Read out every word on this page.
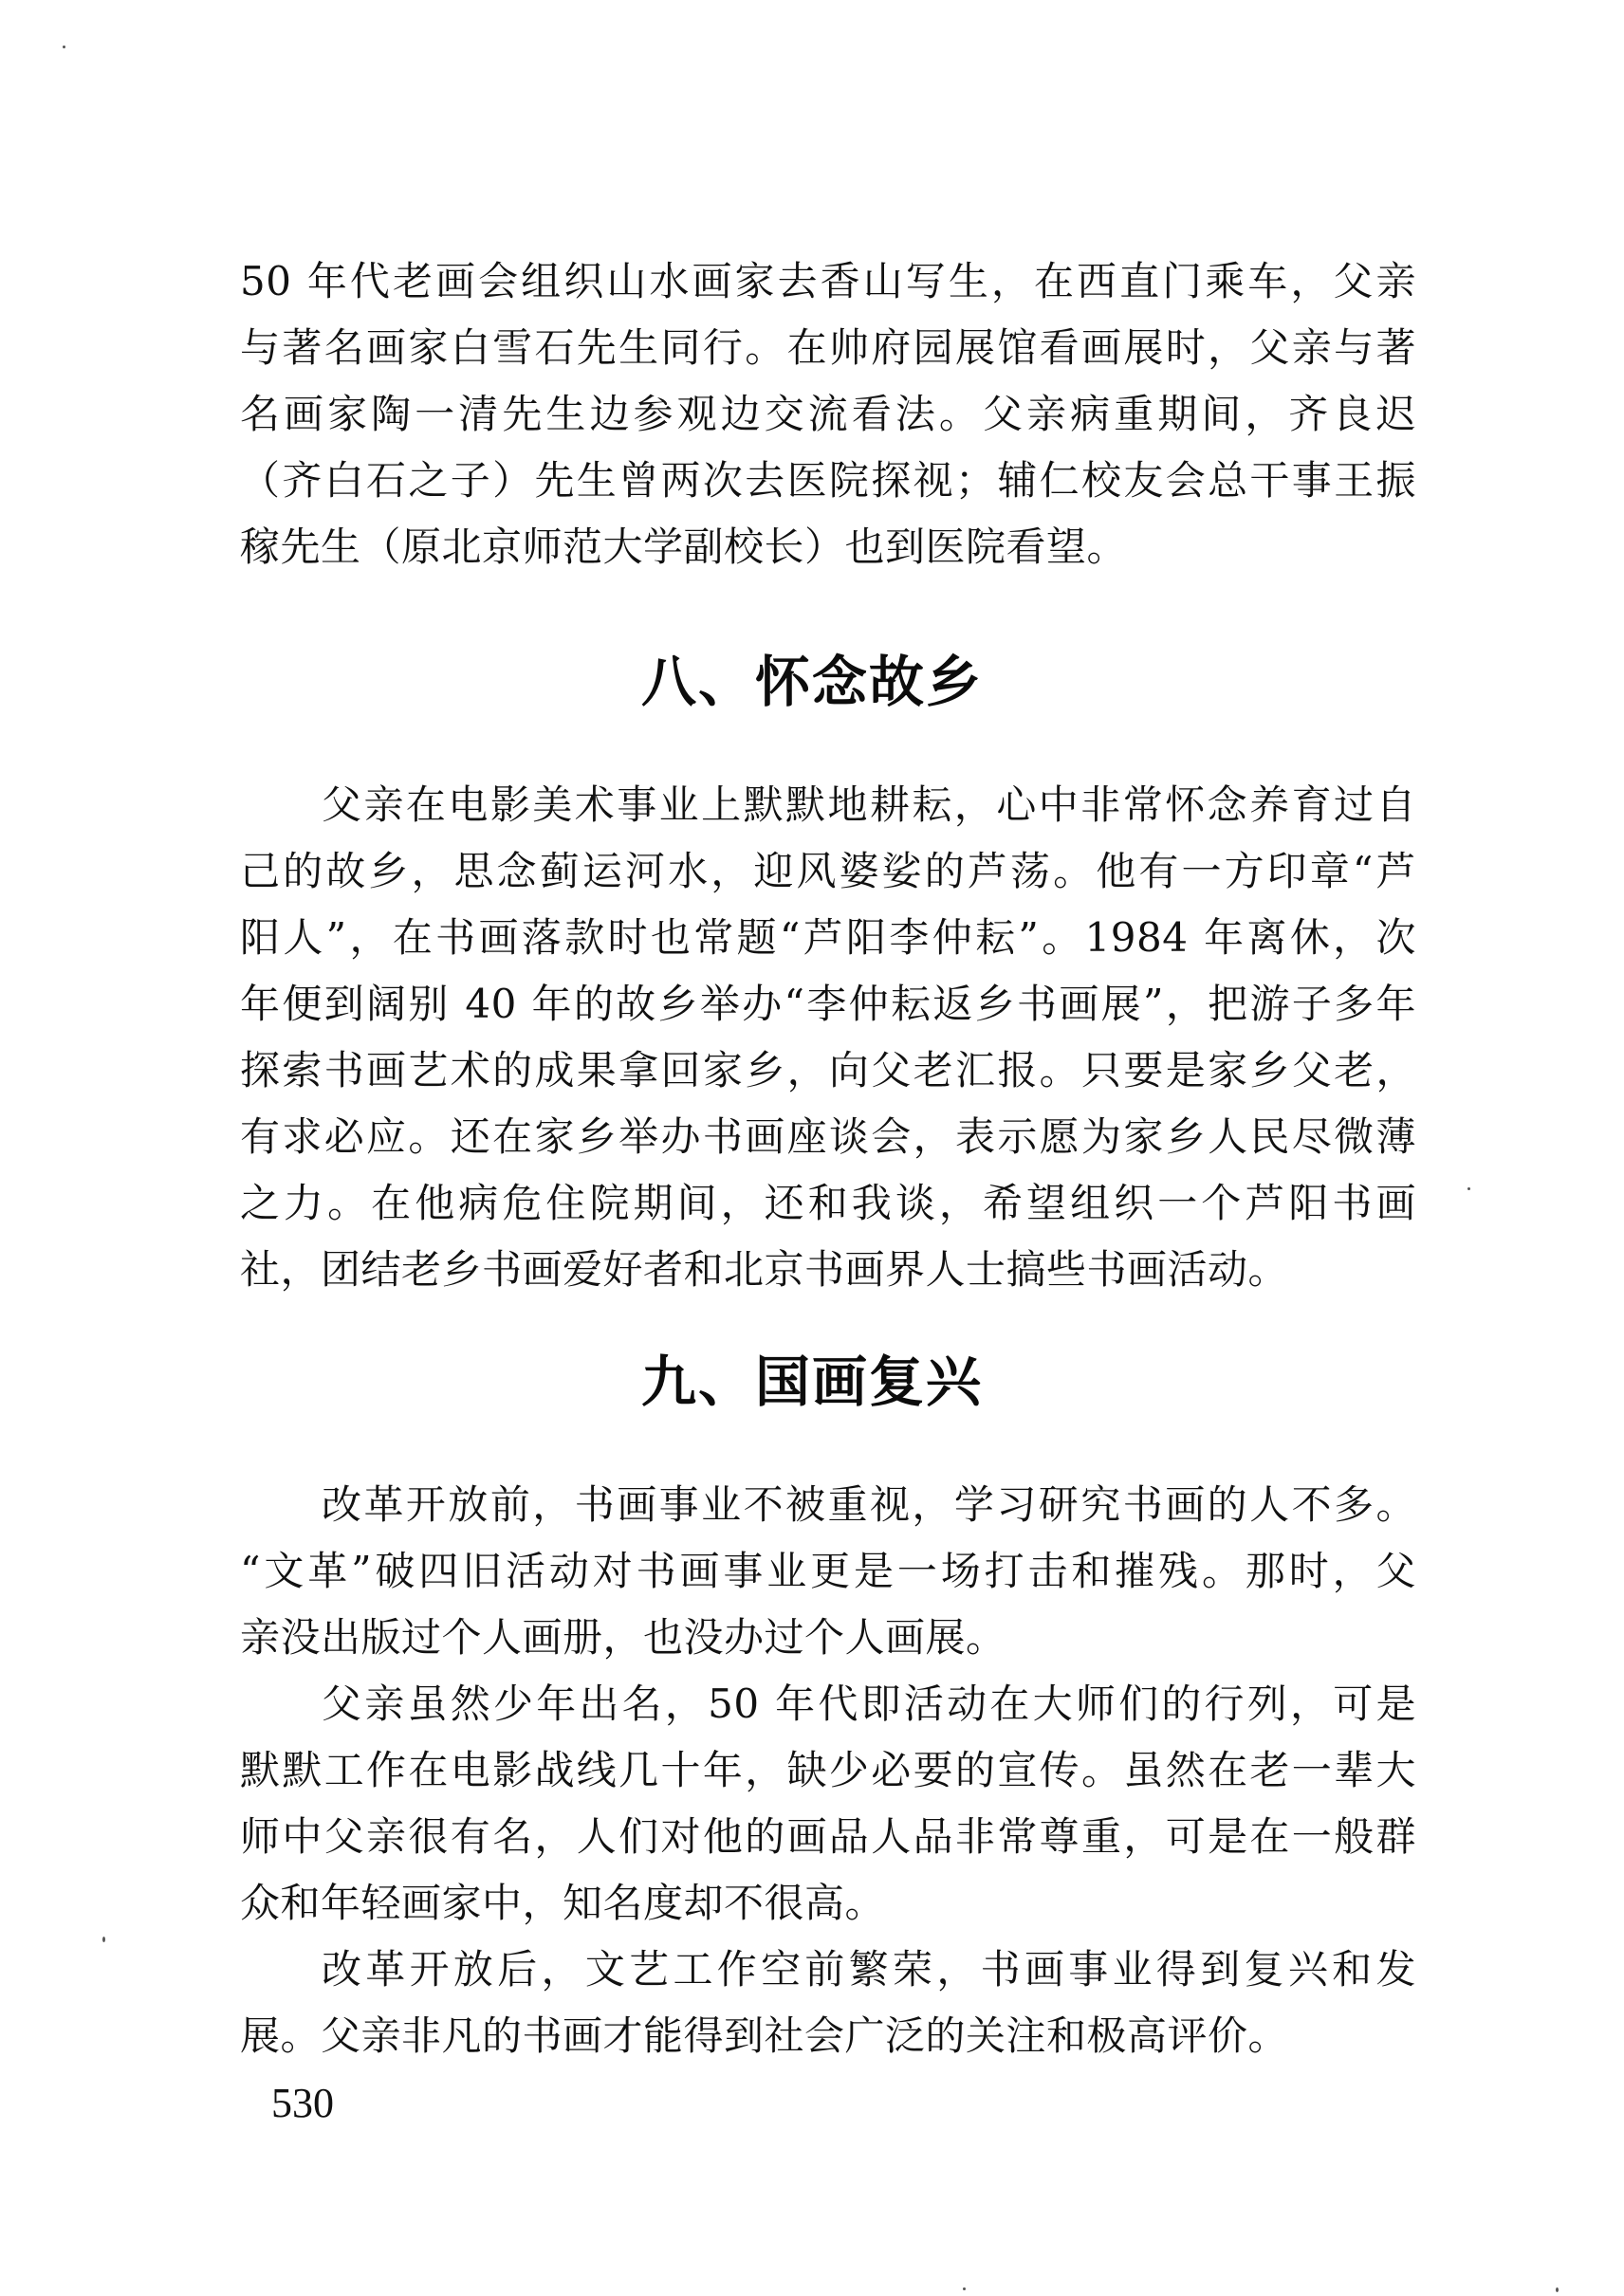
50 年代老画会组织山水画家去香山写生，在西直门乘车，父亲
与著名画家白雪石先生同行。在帅府园展馆看画展时，父亲与著
名画家陶一清先生边参观边交流看法。父亲病重期间，齐良迟
（齐白石之子）先生曾两次去医院探视；辅仁校友会总干事王振
稼先生（原北京师范大学副校长）也到医院看望。
八、怀念故乡
父亲在电影美术事业上默默地耕耘，心中非常怀念养育过自
己的故乡，思念蓟运河水，迎风婆娑的芦荡。他有一方印章“芦
阳人”，在书画落款时也常题“芦阳李仲耘”。1984 年离休，次
年便到阔别 40 年的故乡举办“李仲耘返乡书画展”，把游子多年
探索书画艺术的成果拿回家乡，向父老汇报。只要是家乡父老，
有求必应。还在家乡举办书画座谈会，表示愿为家乡人民尽微薄
之力。在他病危住院期间，还和我谈，希望组织一个芦阳书画
社，团结老乡书画爱好者和北京书画界人士搞些书画活动。
九、国画复兴
改革开放前，书画事业不被重视，学习研究书画的人不多。
“文革”破四旧活动对书画事业更是一场打击和摧残。那时，父
亲没出版过个人画册，也没办过个人画展。
父亲虽然少年出名，50 年代即活动在大师们的行列，可是
默默工作在电影战线几十年，缺少必要的宣传。虽然在老一辈大
师中父亲很有名，人们对他的画品人品非常尊重，可是在一般群
众和年轻画家中，知名度却不很高。
改革开放后，文艺工作空前繁荣，书画事业得到复兴和发
展。父亲非凡的书画才能得到社会广泛的关注和极高评价。
530
